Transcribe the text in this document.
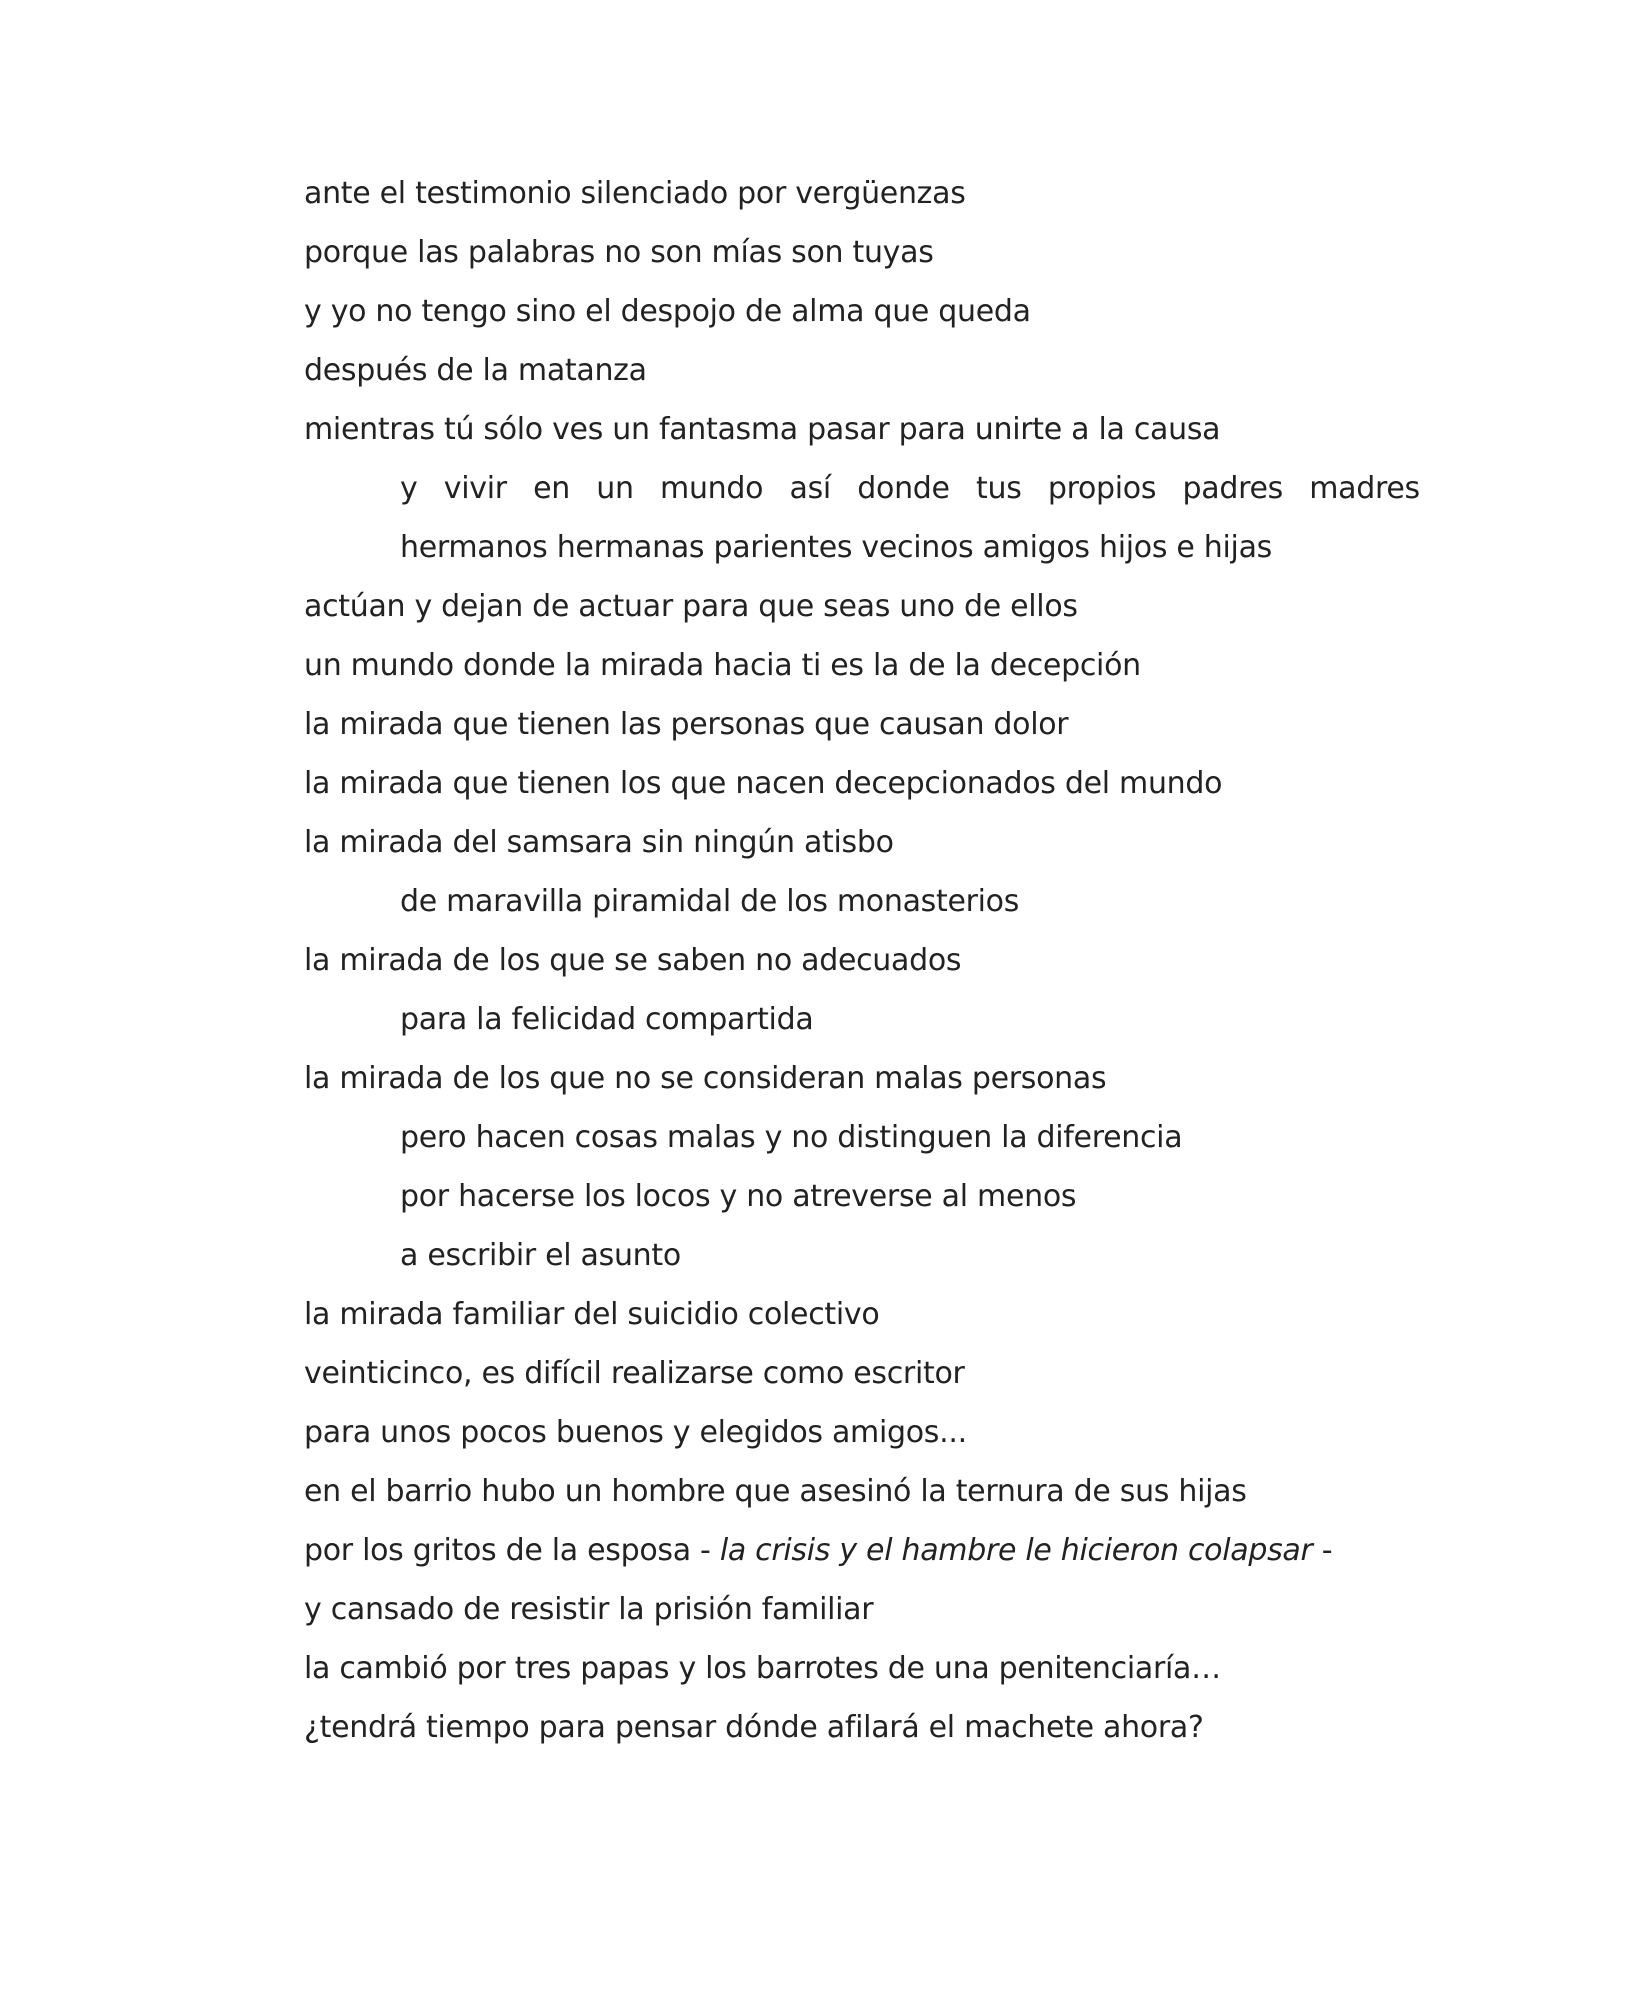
ante el testimonio silenciado por vergüenzas
porque las palabras no son mías son tuyas
y yo no tengo sino el despojo de alma que queda
después de la matanza
mientras tú sólo ves un fantasma pasar para unirte a la causa
y vivir en un mundo así donde tus propios padres madres
hermanos hermanas parientes vecinos amigos hijos e hijas
actúan y dejan de actuar para que seas uno de ellos
un mundo donde la mirada hacia ti es la de la decepción
la mirada que tienen las personas que causan dolor
la mirada que tienen los que nacen decepcionados del mundo
la mirada del samsara sin ningún atisbo
de maravilla piramidal de los monasterios
la mirada de los que se saben no adecuados
para la felicidad compartida
la mirada de los que no se consideran malas personas
pero hacen cosas malas y no distinguen la diferencia
por hacerse los locos y no atreverse al menos
a escribir el asunto
la mirada familiar del suicidio colectivo
veinticinco, es difícil realizarse como escritor
para unos pocos buenos y elegidos amigos...
en el barrio hubo un hombre que asesinó la ternura de sus hijas
por los gritos de la esposa - la crisis y el hambre le hicieron colapsar -
y cansado de resistir la prisión familiar
la cambió por tres papas y los barrotes de una penitenciaría…
¿tendrá tiempo para pensar dónde afilará el machete ahora?
